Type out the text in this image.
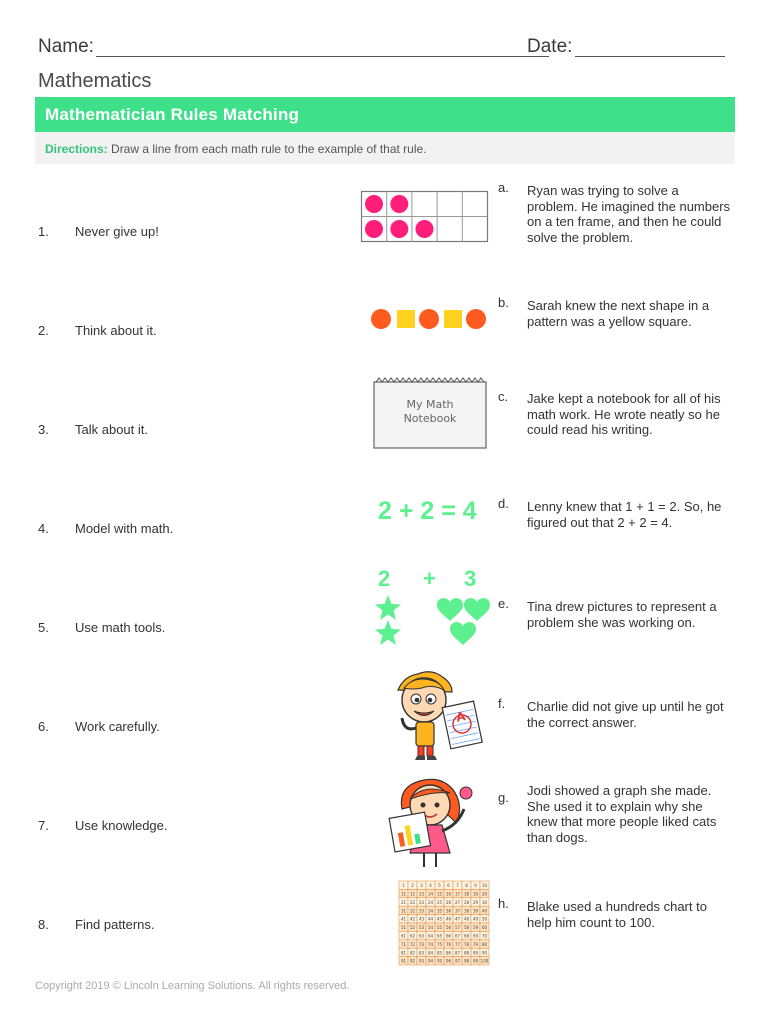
Name:	Date:
Mathematics
Mathematician Rules Matching
Directions: Draw a line from each math rule to the example of that rule.
1. Never give up!
2. Think about it.
3. Talk about it.
4. Model with math.
5. Use math tools.
6. Work carefully.
7. Use knowledge.
8. Find patterns.
a. Ryan was trying to solve a problem. He imagined the numbers on a ten frame, and then he could solve the problem.
b. Sarah knew the next shape in a pattern was a yellow square.
c. Jake kept a notebook for all of his math work. He wrote neatly so he could read his writing.
d. Lenny knew that 1 + 1 = 2. So, he figured out that 2 + 2 = 4.
e. Tina drew pictures to represent a problem she was working on.
f. Charlie did not give up until he got the correct answer.
g. Jodi showed a graph she made. She used it to explain why she knew that more people liked cats than dogs.
h. Blake used a hundreds chart to help him count to 100.
My Math
Notebook
2 + 2 = 4
2 + 3
A
1 2 3 4 5 6 7 8 9 10
11 12 13 14 15 16 17 18 19 20
21 22 23 24 25 26 27 28 29 30
31 32 33 34 35 36 37 38 39 40
41 42 43 44 45 46 47 48 49 50
51 52 53 54 55 56 57 58 59 60
61 62 63 64 65 66 67 68 69 70
71 72 73 74 75 76 77 78 79 80
81 82 83 84 85 86 87 88 89 90
91 92 93 94 95 96 97 98 99 100
Copyright 2019 © Lincoln Learning Solutions. All rights reserved.
